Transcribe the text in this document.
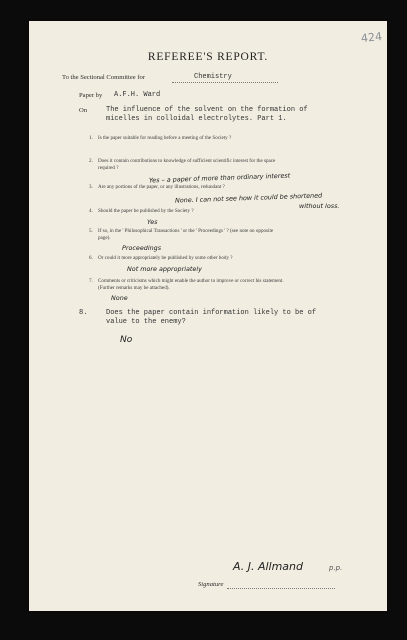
424
REFEREE'S REPORT.
To the Sectional Committee for	Chemistry
Paper by A.F.H. Ward
On	The influence of the solvent on the formation of
micelles in colloidal electrolytes. Part 1.
1. Is the paper suitable for reading before a meeting of the Society ?
2. Does it contain contributions to knowledge of sufficient scientific interest for the space
required ?
Yes – a paper of more than ordinary interest
3. Are any portions of the paper, or any illustrations, redundant ?
None. I can not see how it could be shortened
without loss.
4. Should the paper be published by the Society ?
Yes
5. If so, in the ' Philosophical Transactions ' or the ' Proceedings ' ? (see note on opposite
page).
Proceedings
6. Or could it more appropriately be published by some other body ?
Not more appropriately
7. Comments or criticisms which might enable the author to improve or correct his statement.
(Further remarks may be attached).
None
8.	Does the paper contain information likely to be of
value to the enemy?
No
A. J. Allmand	p.p.
Signature
